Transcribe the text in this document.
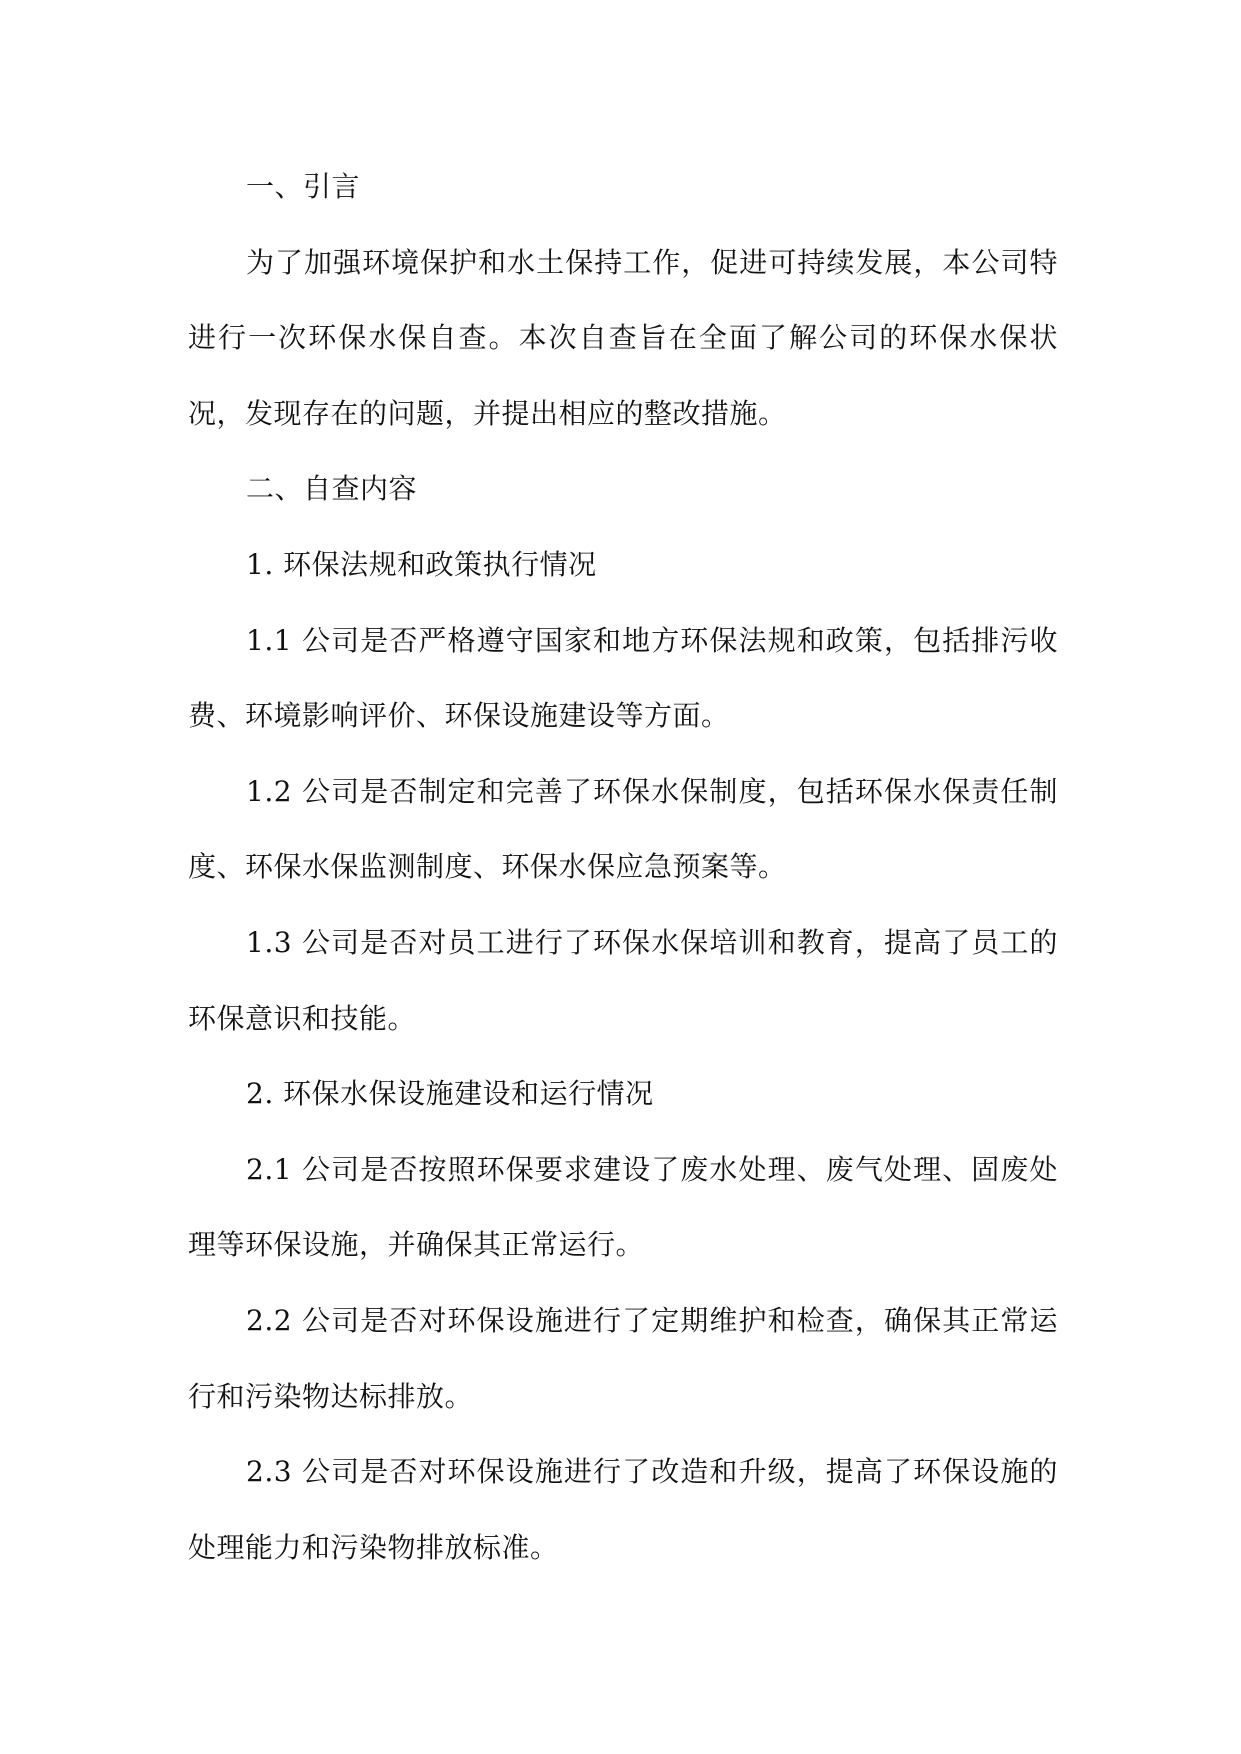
一、引言

为了加强环境保护和水土保持工作，促进可持续发展，本公司特进行一次环保水保自查。本次自查旨在全面了解公司的环保水保状况，发现存在的问题，并提出相应的整改措施。

二、自查内容

1. 环保法规和政策执行情况

1.1 公司是否严格遵守国家和地方环保法规和政策，包括排污收费、环境影响评价、环保设施建设等方面。

1.2 公司是否制定和完善了环保水保制度，包括环保水保责任制度、环保水保监测制度、环保水保应急预案等。

1.3 公司是否对员工进行了环保水保培训和教育，提高了员工的环保意识和技能。

2. 环保水保设施建设和运行情况

2.1 公司是否按照环保要求建设了废水处理、废气处理、固废处理等环保设施，并确保其正常运行。

2.2 公司是否对环保设施进行了定期维护和检查，确保其正常运行和污染物达标排放。

2.3 公司是否对环保设施进行了改造和升级，提高了环保设施的处理能力和污染物排放标准。
